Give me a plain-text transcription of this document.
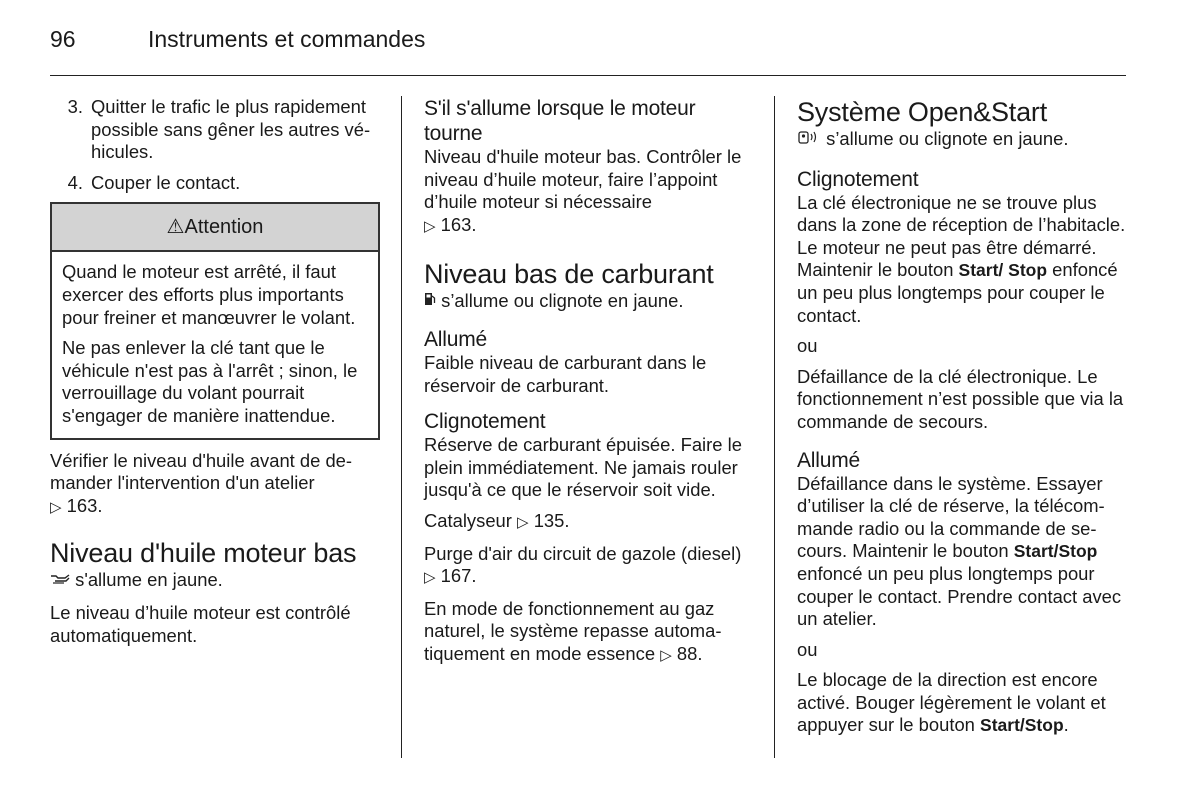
96	Instruments et commandes
3. Quitter le trafic le plus rapidement possible sans gêner les autres véhicules.
4. Couper le contact.
⚠Attention

Quand le moteur est arrêté, il faut exercer des efforts plus importants pour freiner et manœuvrer le volant.

Ne pas enlever la clé tant que le véhicule n'est pas à l'arrêt ; sinon, le verrouillage du volant pourrait s'engager de manière inattendue.

Vérifier le niveau d'huile avant de demander l'intervention d'un atelier
▷ 163.

Niveau d'huile moteur bas

s'allume en jaune.

Le niveau d’huile moteur est contrôlé automatiquement.

S'il s'allume lorsque le moteur tourne

Niveau d'huile moteur bas. Contrôler le niveau d’huile moteur, faire l’appoint d’huile moteur si nécessaire
▷ 163.

Niveau bas de carburant

s’allume ou clignote en jaune.

Allumé

Faible niveau de carburant dans le réservoir de carburant.

Clignotement

Réserve de carburant épuisée. Faire le plein immédiatement. Ne jamais rouler jusqu'à ce que le réservoir soit vide.

Catalyseur ▷ 135.

Purge d'air du circuit de gazole (diesel) ▷ 167.

En mode de fonctionnement au gaz naturel, le système repasse automatiquement en mode essence ▷ 88.

Système Open&Start

s’allume ou clignote en jaune.

Clignotement

La clé électronique ne se trouve plus dans la zone de réception de l’habitacle. Le moteur ne peut pas être démarré. Maintenir le bouton Start/ Stop enfoncé un peu plus longtemps pour couper le contact.

ou

Défaillance de la clé électronique. Le fonctionnement n’est possible que via la commande de secours.

Allumé

Défaillance dans le système. Essayer d’utiliser la clé de réserve, la télécommande radio ou la commande de secours. Maintenir le bouton Start/Stop enfoncé un peu plus longtemps pour couper le contact. Prendre contact avec un atelier.

ou

Le blocage de la direction est encore activé. Bouger légèrement le volant et appuyer sur le bouton Start/Stop.
